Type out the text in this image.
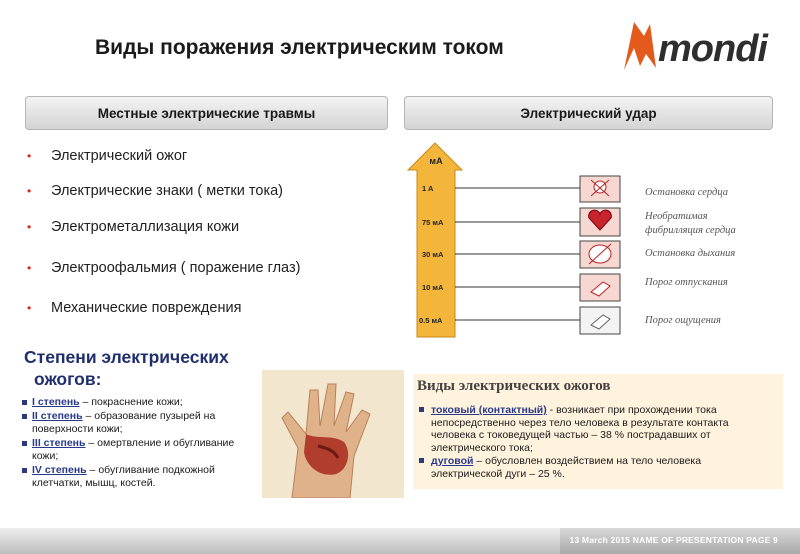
Виды поражения электрическим током	mondi
Местные электрические травмы	Электрический удар
• Электрический ожог
• Электрические знаки ( метки тока)
• Электрометаллизация кожи
• Электроофальмия ( поражение глаз)
• Механические повреждения
мА
1 A
75 мА
30 мА
10 мА
0.5 мА
Остановка сердца
Необратимая
фибрилляция сердца
Остановка дыхания
Порог отпускания
Порог ощущения
Степени электрических
ожогов:
I степень – покраснение кожи;
II степень – образование пузырей на поверхности кожи;
III степень – омертвление и обугливание кожи;
IV степень – обугливание подкожной клетчатки, мышц, костей.
Виды электрических ожогов
токовый (контактный) - возникает при прохождении тока непосредственно через тело человека в результате контакта человека с токоведущей частью – 38 % пострадавших от электрического тока;
дуговой – обусловлен воздействием на тело человека электрической дуги – 25 %.
13 March 2015 NAME OF PRESENTATION PAGE 9
